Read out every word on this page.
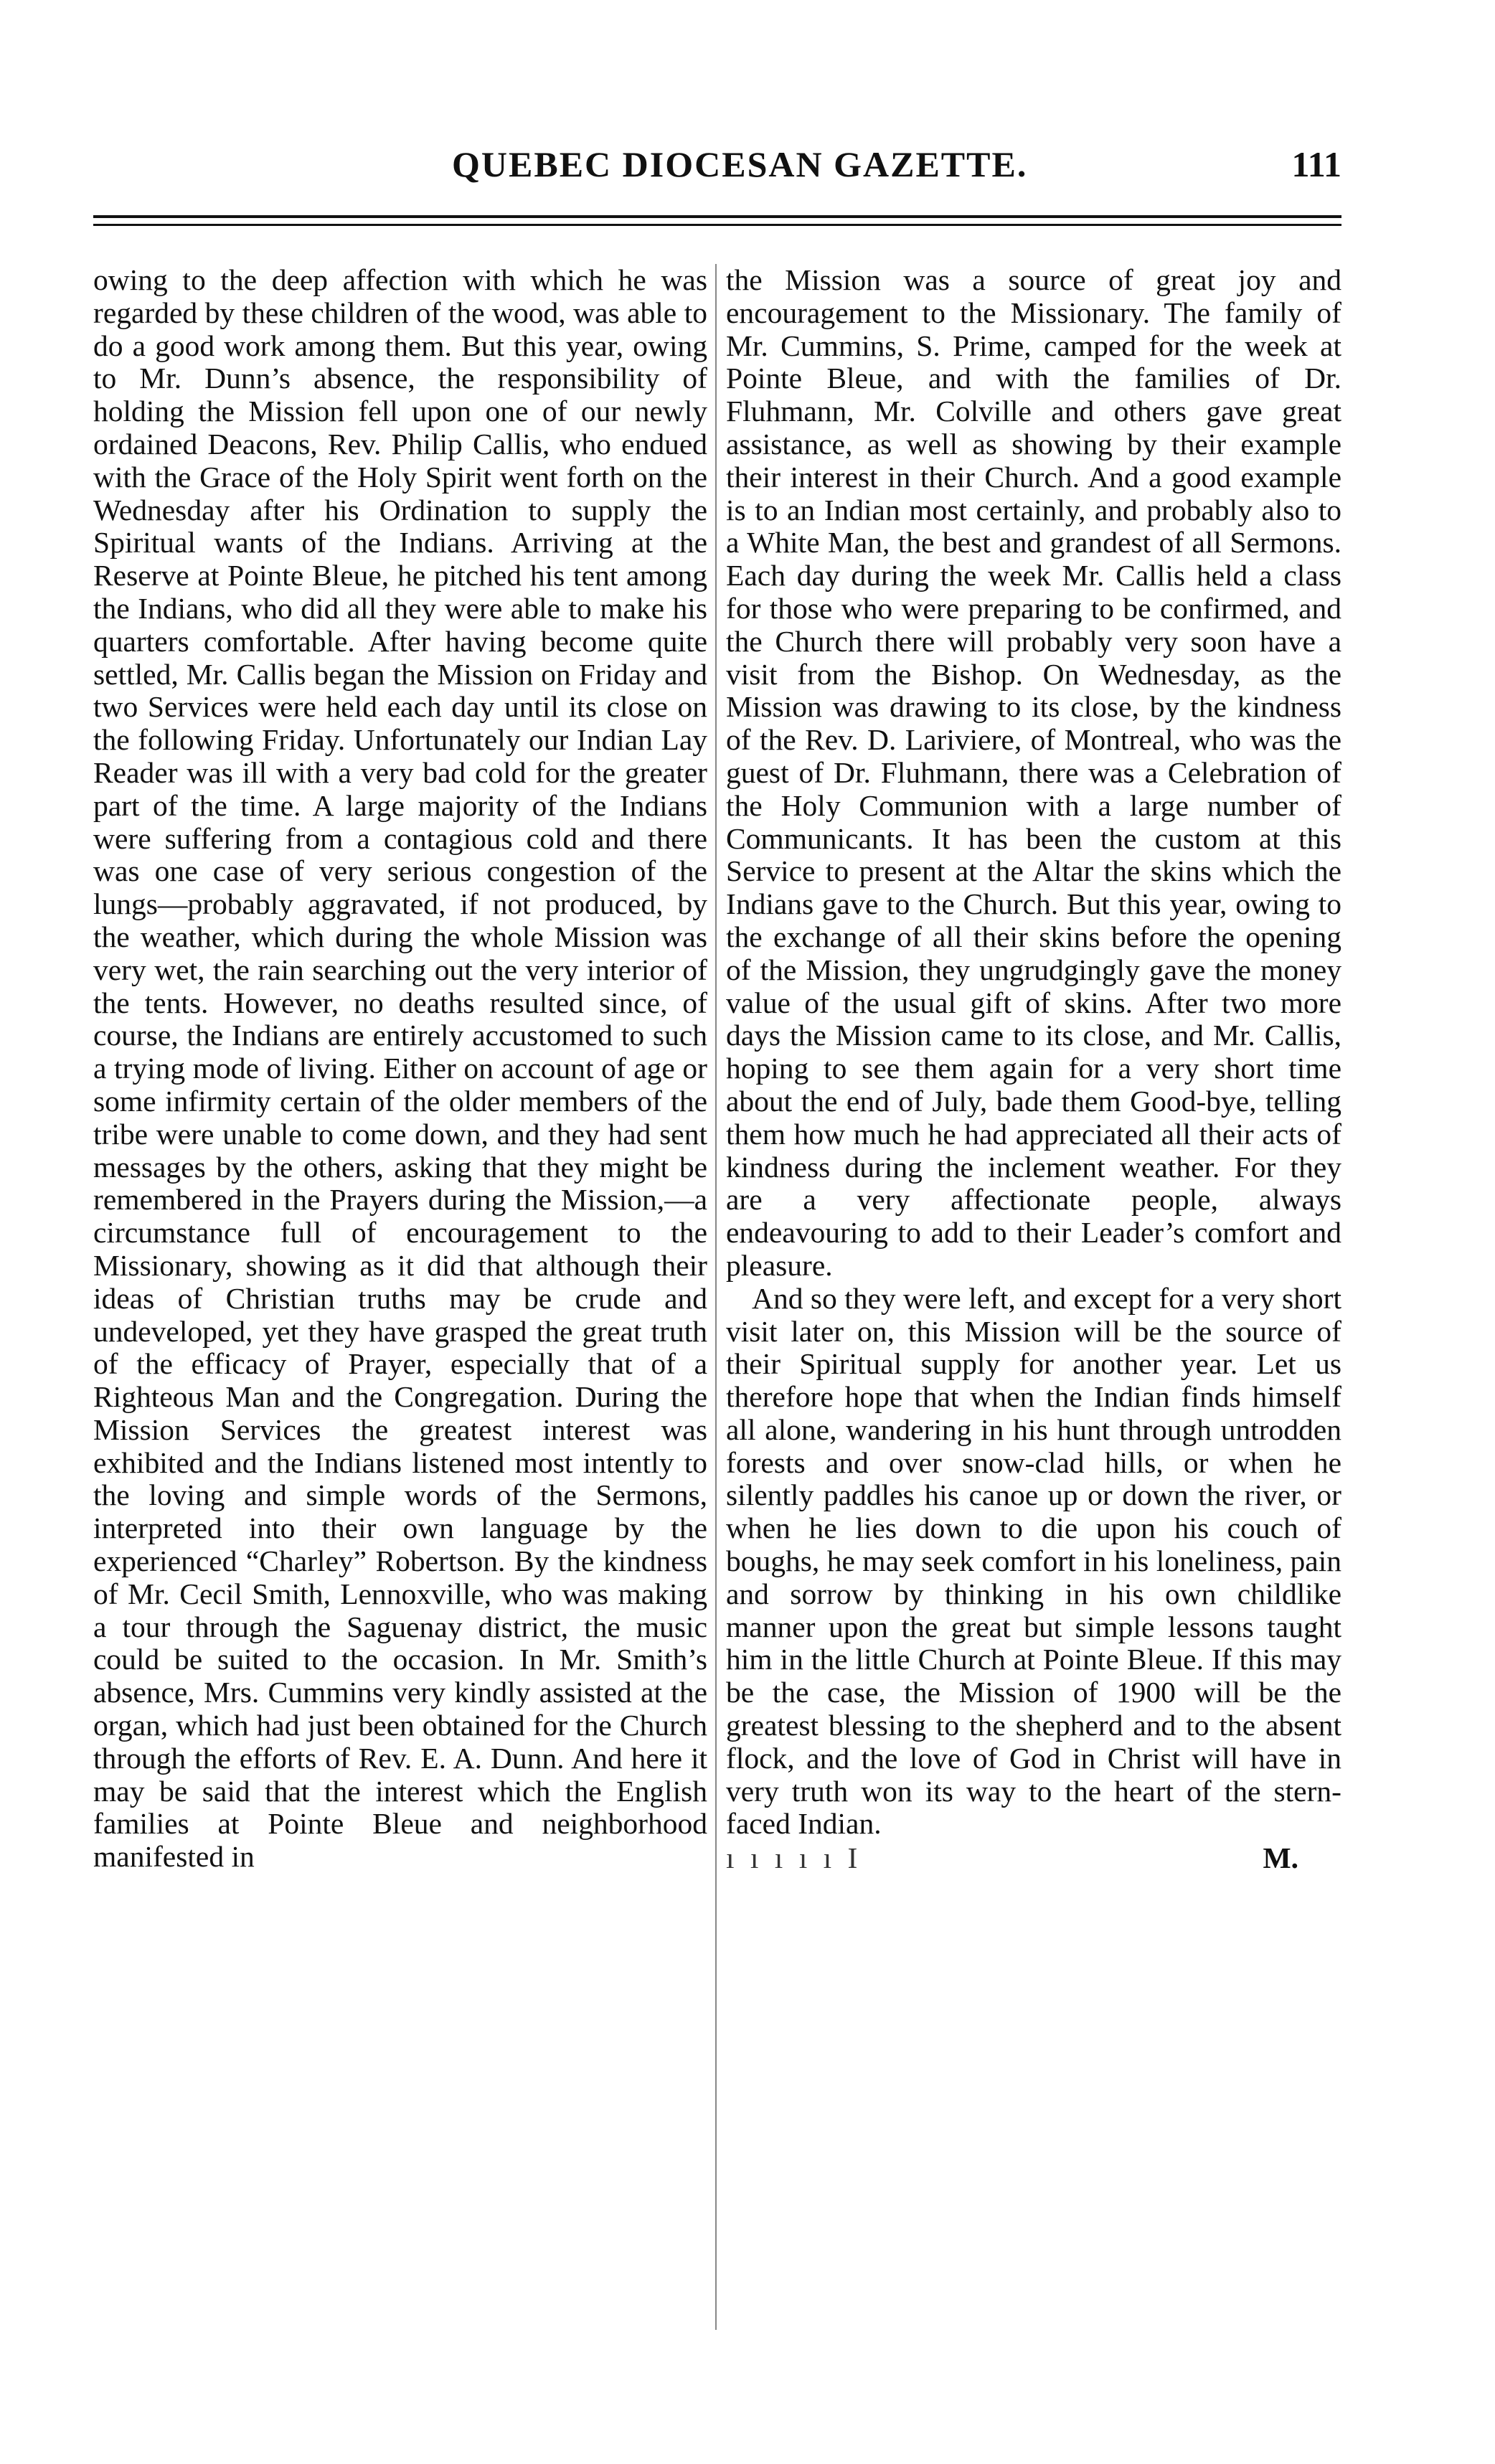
QUEBEC DIOCESAN GAZETTE.	111

owing to the deep affection with which he was regarded by these children of the wood, was able to do a good work among them. But this year, owing to Mr. Dunn’s absence, the responsibility of holding the Mission fell upon one of our newly ordained Deacons, Rev. Philip Callis, who endued with the Grace of the Holy Spirit went forth on the Wednesday after his Ordination to supply the Spiritual wants of the Indians. Arriving at the Reserve at Pointe Bleue, he pitched his tent among the Indians, who did all they were able to make his quarters comfortable. After having become quite settled, Mr. Callis began the Mission on Friday and two Services were held each day until its close on the following Friday. Unfortunately our Indian Lay Reader was ill with a very bad cold for the greater part of the time. A large majority of the Indians were suffering from a contagious cold and there was one case of very serious congestion of the lungs—probably aggravated, if not produced, by the weather, which during the whole Mission was very wet, the rain searching out the very interior of the tents. However, no deaths resulted since, of course, the Indians are entirely accustomed to such a trying mode of living. Either on account of age or some infirmity certain of the older members of the tribe were unable to come down, and they had sent messages by the others, asking that they might be remembered in the Prayers during the Mission,—a circumstance full of encouragement to the Missionary, showing as it did that although their ideas of Christian truths may be crude and undeveloped, yet they have grasped the great truth of the efficacy of Prayer, especially that of a Righteous Man and the Congregation. During the Mission Services the greatest interest was exhibited and the Indians listened most intently to the loving and simple words of the Sermons, interpreted into their own language by the experienced “Charley” Robertson. By the kindness of Mr. Cecil Smith, Lennoxville, who was making a tour through the Saguenay district, the music could be suited to the occasion. In Mr. Smith’s absence, Mrs. Cummins very kindly assisted at the organ, which had just been obtained for the Church through the efforts of Rev. E. A. Dunn. And here it may be said that the interest which the English families at Pointe Bleue and neighborhood manifested in

the Mission was a source of great joy and encouragement to the Missionary. The family of Mr. Cummins, S. Prime, camped for the week at Pointe Bleue, and with the families of Dr. Fluhmann, Mr. Colville and others gave great assistance, as well as showing by their example their interest in their Church. And a good example is to an Indian most certainly, and probably also to a White Man, the best and grandest of all Sermons. Each day during the week Mr. Callis held a class for those who were preparing to be confirmed, and the Church there will probably very soon have a visit from the Bishop. On Wednesday, as the Mission was drawing to its close, by the kindness of the Rev. D. Lariviere, of Montreal, who was the guest of Dr. Fluhmann, there was a Celebration of the Holy Communion with a large number of Communicants. It has been the custom at this Service to present at the Altar the skins which the Indians gave to the Church. But this year, owing to the exchange of all their skins before the opening of the Mission, they ungrudgingly gave the money value of the usual gift of skins. After two more days the Mission came to its close, and Mr. Callis, hoping to see them again for a very short time about the end of July, bade them Good-bye, telling them how much he had appreciated all their acts of kindness during the inclement weather. For they are a very affectionate people, always endeavouring to add to their Leader’s comfort and pleasure.

And so they were left, and except for a very short visit later on, this Mission will be the source of their Spiritual supply for another year. Let us therefore hope that when the Indian finds himself all alone, wandering in his hunt through untrodden forests and over snow-clad hills, or when he silently paddles his canoe up or down the river, or when he lies down to die upon his couch of boughs, he may seek comfort in his loneliness, pain and sorrow by thinking in his own childlike manner upon the great but simple lessons taught him in the little Church at Pointe Bleue. If this may be the case, the Mission of 1900 will be the greatest blessing to the shepherd and to the absent flock, and the love of God in Christ will have in very truth won its way to the heart of the stern-faced Indian.

ı ı ı ı ı I	M.
